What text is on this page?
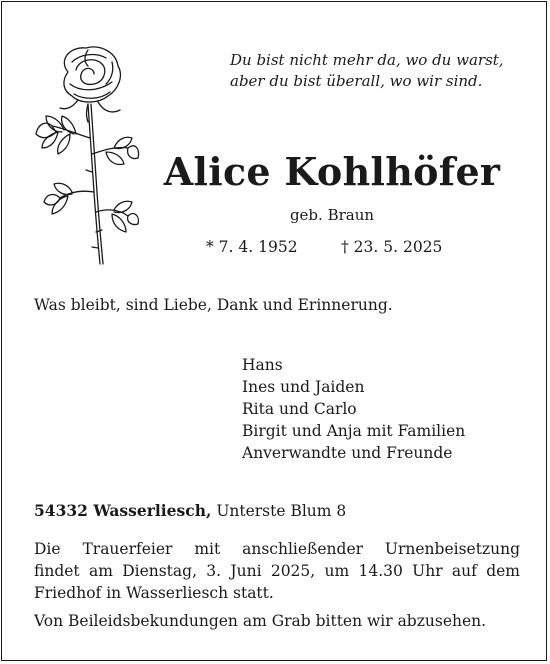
Du bist nicht mehr da, wo du warst,
aber du bist überall, wo wir sind.
Alice Kohlhöfer
geb. Braun
* 7. 4. 1952	† 23. 5. 2025
Was bleibt, sind Liebe, Dank und Erinnerung.
Hans
Ines und Jaiden
Rita und Carlo
Birgit und Anja mit Familien
Anverwandte und Freunde
54332 Wasserliesch, Unterste Blum 8
Die Trauerfeier mit anschließender Urnenbeisetzung
findet am Dienstag, 3. Juni 2025, um 14.30 Uhr auf dem
Friedhof in Wasserliesch statt.
Von Beileidsbekundungen am Grab bitten wir abzusehen.
